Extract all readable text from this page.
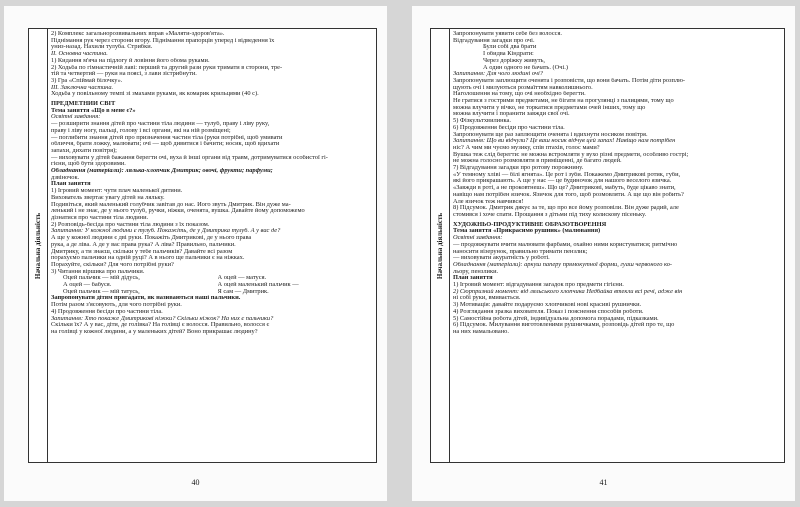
Начальна діяльність
2) Комплекс загальнорозвивальних вправ «Маляти-здоров'ята».
Піднімання рук через сторони вгору. Піднімання прапорців уперед і відведення їх
униз-назад. Нахили тулуба. Стрибки.
ІІ. Основна частина.
1) Кидання м'яча на підлогу й ловіння його обома руками.
2) Ходьба по гімнастичній лаві: перший та другий рази руки тримати в сторони, тре-
тій та четвертий — руки на поясі, з лави зістрибнути.
3) Гра «Спіймай білочку».
ІІІ. Заключна частина.
Ходьба у повільному темпі зі змахами руками, як комарик крильцями (40 с).
ПРЕДМЕТНИЙ СВІТ
Тема заняття «Що в мене є?»
Освітні завдання:
— розширити знання дітей про частини тіла людини — тулуб, праву і ліву руку,
праву і ліву ногу, пальці, голову і всі органи, які на ній розміщені;
— поглибити знання дітей про призначення частин тіла (руки потрібні, щоб умивати
обличчя, брати ложку, малювати; очі — щоб дивитися і бачити; носик, щоб вдихати
запахи, дихати повітря);
— виховувати у дітей бажання берегти очі, вуха й інші органи від травм, дотримуватися особистої гі-
гієни, щоб бути здоровими.
Обладнання (матеріали): лялька-хлопчик Дмитрик; овочі, фрукти; парфуми;
дзвіночок.
План заняття
1) Ігровий момент: чути плач маленької дитини.
Вихователь звертає увагу дітей на ляльку.
Подивіться, який маленький голубчик завітав до нас. Його звуть Дмитрик. Він дуже ма-
ленький і не знає, де у нього тулуб, ручки, ніжки, оченята, вушка. Давайте йому допоможемо
дізнатися про частини тіла людини.
2) Розповідь-бесіда про частини тіла людини з їх показом.
Запитання: У кожної людини є тулуб. Покажіть, де у Дмитрика тулуб. А у вас де?
А ще у кожної людини є дві руки. Покажіть Дмитрикові, де у нього права
рука, а де ліва. А де у вас права рука? А ліва? Правильно, пальчики.
Дмитрику, а ти знаєш, скільки у тебе пальчиків? Давайте всі разом
порахуємо пальчики на одній руці? А в нього ще пальчики є на ніжках.
Порахуйте, скільки? Для чого потрібні руки?
3) Читання віршика про пальчики.
Оцей пальчик — мій дідусь,	А оцей — матуся.
А оцей — бабуся.	А оцей маленький пальчик —
Оцей пальчик — мій татусь,	Я сам — Дмитрик.
Запропонувати дітям пригадати, як називаються наші пальчики.
Потім разом з'ясовують, для чого потрібні руки.
4) Продовження бесіди про частини тіла.
Запитання: Хто покаже Дмитрикові ніжки? Скільки ніжок? На них є пальчики?
Скільки їх? А у вас, діти, де голівка? На голівці є волосся. Правильно, волосся є
на голівці у кожної людини, а у маленьких дітей? Воно прикрашає людину?
40
Начальна діяльність
Запропонувати уявити себе без волосся.
Відгадування загадки про очі.
Були собі два брати
І обидва Кіндрати:
Через доріжку живуть,
А один одного не бачать. (Очі.)
Запитання: Для чого людині очі?
Запропонувати заплющити оченята і розповісти, що вони бачать. Потім діти розплю-
щують очі і милуються розмаїттям навколишнього.
Наголошення на тому, що очі необхідно берегти.
Не гратися з гострими предметами, не бігати на прогулянці з палицями, тому що
можна влучити у вічко, не торкатися предметами очей інших, тому що
можна влучити і поранити завжди свої очі.
5) Фізкультхвилинка.
6) Продовження бесіди про частини тіла.
Запропонувати ще раз заплющити оченята і вдихнути носиком повітря.
Запитання: Що ви відчули? Це ваш носик відчув цей запах! Навіщо нам потрібен
ніс? А чим ми чуємо музику, спів птахів, голос мами?
Вушка теж слід берегти: не можна встромляти у вухо різні предмети, особливо гострі;
не можна голосно розмовляти в приміщенні, де багато людей.
7) Відгадування загадки про ротову порожнину.
«У темному хліві — білі ягнята». Це рот і зуби. Покажемо Дмитрикові ротик, губи,
які його прикрашають. А ще у нас — це будиночок для нашого веселого язичка.
«Завжди в роті, а не проковтнеш». Що це? Дмитрикові, мабуть, буде цікаво знати,
навіщо нам потрібен язичок. Язичок для того, щоб розмовляти. А ще що він робить?
Але язичок теж навчився!
8) Підсумок. Дмитрик дякує за те, що про все йому розповіли. Він дуже радий, але
стомився і хоче спати. Прощання з дітьми під тиху колискову пісеньку.
ХУДОЖНЬО-ПРОДУКТИВНЕ ОБРАЗОТВОРЕННЯ
Тема заняття «Прикрасимо рушник» (малювання)
Освітні завдання:
— продовжувати вчити малювати фарбами, охайно ними користуватися; ритмічно
наносити візерунок, правильно тримати пензлик;
— виховувати акуратність у роботі.
Обладнання (матеріали): аркуш паперу прямокутної форми, гуаш червоного ко-
льору, пензлики.
План заняття
1) Ігровий момент: відгадування загадок про предмети гігієни.
2) Сюрпризний момент: від ляльського хлопчика Недбайка втекли всі речі, адже він
ні собі руки, вмивається.
3) Мотивація: давайте подаруємо хлопчикові нові красиві рушнички.
4) Розглядання зразка вихователя. Показ і пояснення способів роботи.
5) Самостійна робота дітей, індивідуальна допомога порадами, підказками.
6) Підсумок. Милування виготовленими рушничками, розповідь дітей про те, що
на них намальовано.
41
